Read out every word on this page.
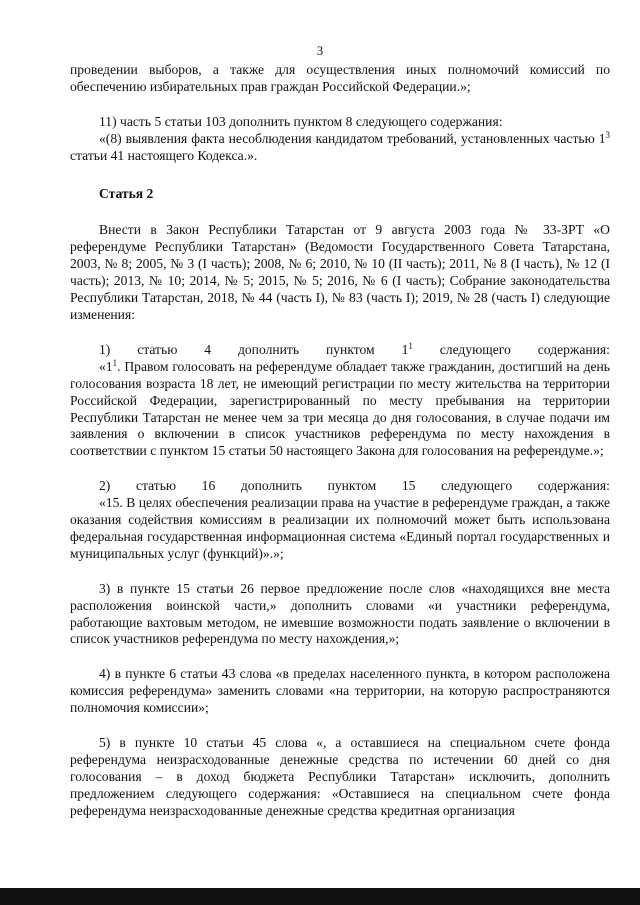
3

проведении выборов, а также для осуществления иных полномочий комиссий по обеспечению избирательных прав граждан Российской Федерации.»;

11) часть 5 статьи 103 дополнить пунктом 8 следующего содержания:

«(8) выявления факта несоблюдения кандидатом требований, установленных частью $1^3$ статьи 41 настоящего Кодекса.».

Статья 2

Внести в Закон Республики Татарстан от 9 августа 2003 года № 33-ЗРТ «О референдуме Республики Татарстан» (Ведомости Государственного Совета Татарстана, 2003, № 8; 2005, № 3 (I часть); 2008, № 6; 2010, № 10 (II часть); 2011, № 8 (I часть), № 12 (I часть); 2013, № 10; 2014, № 5; 2015, № 5; 2016, № 6 (I часть); Собрание законодательства Республики Татарстан, 2018, № 44 (часть I), № 83 (часть I); 2019, № 28 (часть I) следующие изменения:

1) статью 4 дополнить пунктом $1^1$ следующего содержания:

«$1^1$. Правом голосовать на референдуме обладает также гражданин, достигший на день голосования возраста 18 лет, не имеющий регистрации по месту жительства на территории Российской Федерации, зарегистрированный по месту пребывания на территории Республики Татарстан не менее чем за три месяца до дня голосования, в случае подачи им заявления о включении в список участников референдума по месту нахождения в соответствии с пунктом 15 статьи 50 настоящего Закона для голосования на референдуме.»;

2) статью 16 дополнить пунктом 15 следующего содержания:

«15. В целях обеспечения реализации права на участие в референдуме граждан, а также оказания содействия комиссиям в реализации их полномочий может быть использована федеральная государственная информационная система «Единый портал государственных и муниципальных услуг (функций)».»;

3) в пункте 15 статьи 26 первое предложение после слов «находящихся вне места расположения воинской части,» дополнить словами «и участники референдума, работающие вахтовым методом, не имевшие возможности подать заявление о включении в список участников референдума по месту нахождения,»;

4) в пункте 6 статьи 43 слова «в пределах населенного пункта, в котором расположена комиссия референдума» заменить словами «на территории, на которую распространяются полномочия комиссии»;

5) в пункте 10 статьи 45 слова «, а оставшиеся на специальном счете фонда референдума неизрасходованные денежные средства по истечении 60 дней со дня голосования – в доход бюджета Республики Татарстан» исключить, дополнить предложением следующего содержания: «Оставшиеся на специальном счете фонда референдума неизрасходованные денежные средства кредитная организация
